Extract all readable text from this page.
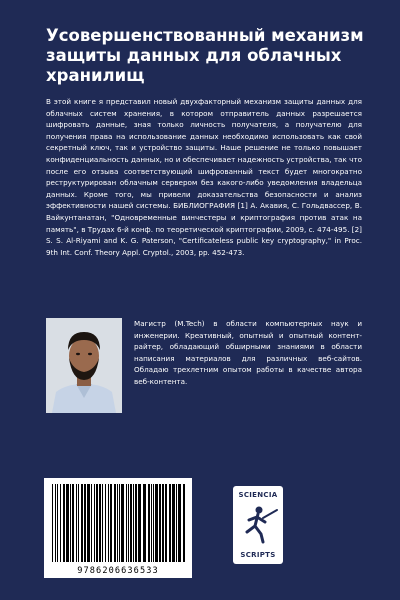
Усовершенствованный механизм защиты данных для облачных хранилищ

В этой книге я представил новый двухфакторный механизм защиты данных для облачных систем хранения, в котором отправитель данных разрешается шифровать данные, зная только личность получателя, а получателю для получения права на использование данных необходимо использовать как свой секретный ключ, так и устройство защиты. Наше решение не только повышает конфиденциальность данных, но и обеспечивает надежность устройства, так что после его отзыва соответствующий шифрованный текст будет многократно реструктурирован облачным сервером без какого-либо уведомления владельца данных. Кроме того, мы привели доказательства безопасности и анализ эффективности нашей системы. БИБЛИОГРАФИЯ [1] А. Акавия, С. Гольдвассер, В. Вайкунтанатан, "Одновременные винчестеры и криптография против атак на память", в Трудах 6-й конф. по теоретической криптографии, 2009, с. 474-495. [2] S. S. Al-Riyami and K. G. Paterson, "Certificateless public key cryptography," in Proc. 9th Int. Conf. Theory Appl. Cryptol., 2003, pp. 452-473.

Магистр (M.Tech) в области компьютерных наук и инженерии. Креативный, опытный и опытный контент-райтер, обладающий обширными знаниями в области написания материалов для различных веб-сайтов. Обладаю трехлетним опытом работы в качестве автора веб-контента.

9786206636533
SCIENCIA
SCRIPTS
